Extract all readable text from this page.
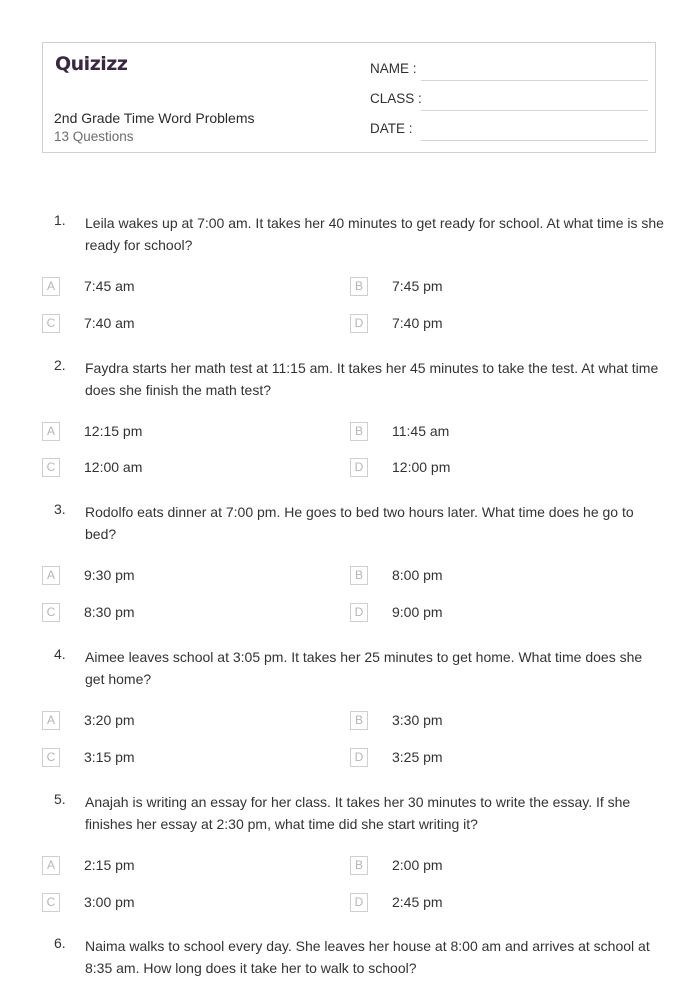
Quizizz
2nd Grade Time Word Problems
13 Questions
NAME :
CLASS :
DATE :
1. Leila wakes up at 7:00 am. It takes her 40 minutes to get ready for school. At what time is she ready for school?
A	7:45 am	B	7:45 pm
C	7:40 am	D	7:40 pm
2. Faydra starts her math test at 11:15 am. It takes her 45 minutes to take the test. At what time does she finish the math test?
A	12:15 pm	B	11:45 am
C	12:00 am	D	12:00 pm
3. Rodolfo eats dinner at 7:00 pm. He goes to bed two hours later. What time does he go to bed?
A	9:30 pm	B	8:00 pm
C	8:30 pm	D	9:00 pm
4. Aimee leaves school at 3:05 pm. It takes her 25 minutes to get home. What time does she get home?
A	3:20 pm	B	3:30 pm
C	3:15 pm	D	3:25 pm
5. Anajah is writing an essay for her class. It takes her 30 minutes to write the essay. If she finishes her essay at 2:30 pm, what time did she start writing it?
A	2:15 pm	B	2:00 pm
C	3:00 pm	D	2:45 pm
6. Naima walks to school every day. She leaves her house at 8:00 am and arrives at school at 8:35 am. How long does it take her to walk to school?
